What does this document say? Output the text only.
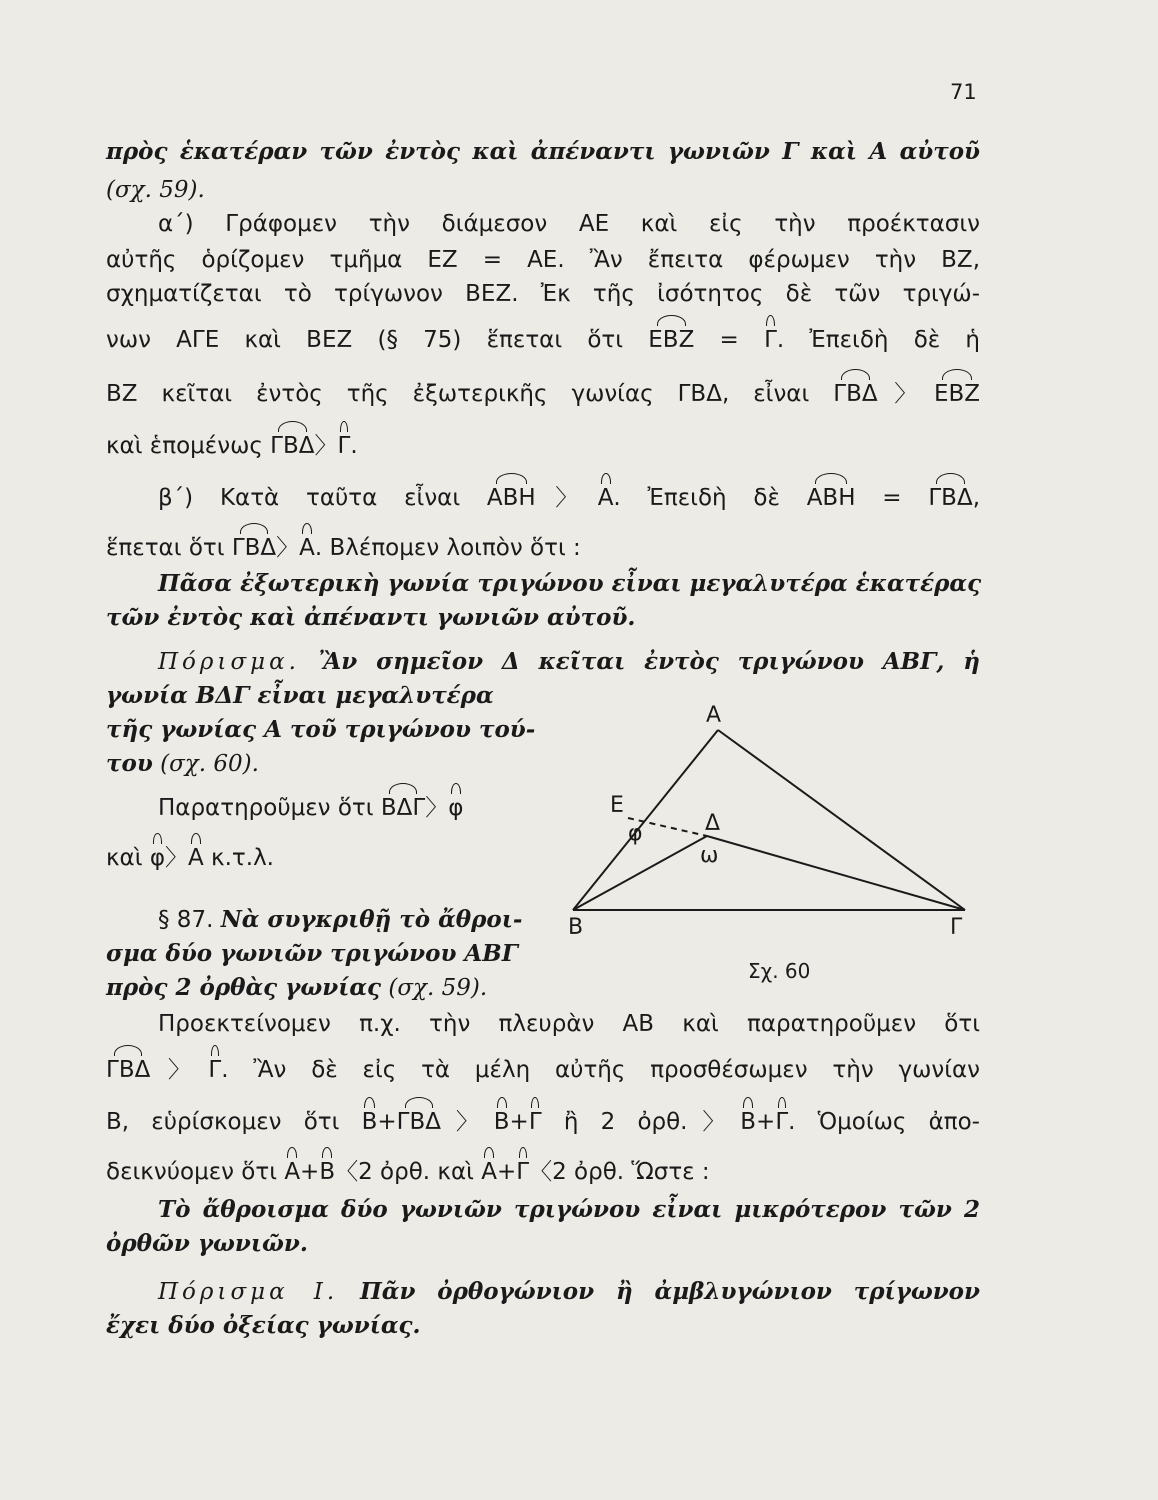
71
πρὸς ἑκατέραν τῶν ἐντὸς καὶ ἀπέναντι γωνιῶν Γ καὶ Α αὐτοῦ
(σχ. 59).
α΄) Γράφομεν τὴν διάμεσον ΑΕ καὶ εἰς τὴν προέκτασιν
αὐτῆς ὁρίζομεν τμῆμα ΕΖ = ΑΕ. Ἂν ἔπειτα φέρωμεν τὴν ΒΖ,
σχηματίζεται τὸ τρίγωνον ΒΕΖ. Ἐκ τῆς ἰσότητος δὲ τῶν τριγώ-
νων ΑΓΕ καὶ ΒΕΖ (§ 75) ἕπεται ὅτι ΕΒΖ = Γ. Ἐπειδὴ δὲ ἡ
ΒΖ κεῖται ἐντὸς τῆς ἐξωτερικῆς γωνίας ΓΒΔ, εἶναι ΓΒΔ〉ΕΒΖ
καὶ ἑπομένως ΓΒΔ〉Γ.
β΄) Κατὰ ταῦτα εἶναι ΑΒΗ〉Α. Ἐπειδὴ δὲ ΑΒΗ = ΓΒΔ,
ἕπεται ὅτι ΓΒΔ〉Α. Βλέπομεν λοιπὸν ὅτι :
Πᾶσα ἐξωτερικὴ γωνία τριγώνου εἶναι μεγαλυτέρα ἑκατέρας
τῶν ἐντὸς καὶ ἀπέναντι γωνιῶν αὐτοῦ.
Πόρισμα. Ἂν σημεῖον Δ κεῖται ἐντὸς τριγώνου ΑΒΓ, ἡ
γωνία ΒΔΓ εἶναι μεγαλυτέρα
τῆς γωνίας Α τοῦ τριγώνου τού-
του (σχ. 60).
Παρατηροῦμεν ὅτι ΒΔΓ〉φ
καὶ φ〉Α κ.τ.λ.
§ 87. Νὰ συγκριθῇ τὸ ἄθροι-
σμα δύο γωνιῶν τριγώνου ΑΒΓ
πρὸς 2 ὀρθὰς γωνίας (σχ. 59).
Προεκτείνομεν π.χ. τὴν πλευρὰν ΑΒ καὶ παρατηροῦμεν ὅτι
ΓΒΔ〉Γ. Ἂν δὲ εἰς τὰ μέλη αὐτῆς προσθέσωμεν τὴν γωνίαν
Β, εὑρίσκομεν ὅτι Β+ΓΒΔ〉Β+Γ ἢ 2 ὀρθ.〉Β+Γ. Ὁμοίως ἀπο-
δεικνύομεν ὅτι Α+Β〈2 ὀρθ. καὶ Α+Γ〈2 ὀρθ. Ὥστε :
Τὸ ἄθροισμα δύο γωνιῶν τριγώνου εἶναι μικρότερον τῶν 2
ὀρθῶν γωνιῶν.
Πόρισμα Ι. Πᾶν ὀρθογώνιον ἢ ἀμβλυγώνιον τρίγωνον
ἔχει δύο ὀξείας γωνίας.
Α
Ε
φ	Δ
ω
Β	Γ
Σχ. 60
